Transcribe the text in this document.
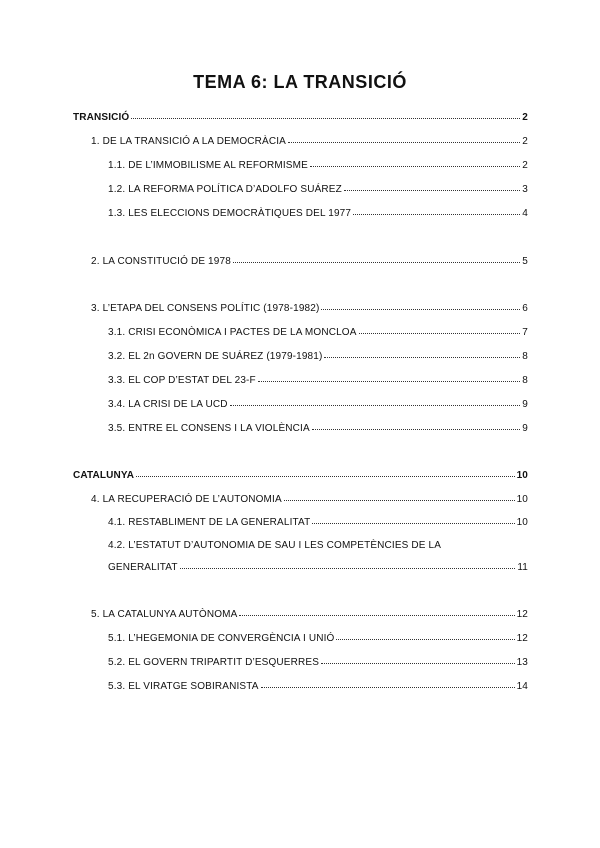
TEMA 6: LA TRANSICIÓ
TRANSICIÓ	2
1. DE LA TRANSICIÓ A LA DEMOCRÀCIA	2
1.1. DE L’IMMOBILISME AL REFORMISME	2
1.2. LA REFORMA POLÍTICA D’ADOLFO SUÁREZ	3
1.3. LES ELECCIONS DEMOCRÀTIQUES DEL 1977	4
2. LA CONSTITUCIÓ DE 1978	5
3. L’ETAPA DEL CONSENS POLÍTIC (1978-1982)	6
3.1. CRISI ECONÒMICA I PACTES DE LA MONCLOA	7
3.2. EL 2n GOVERN DE SUÁREZ (1979-1981)	8
3.3. EL COP D’ESTAT DEL 23-F	8
3.4. LA CRISI DE LA UCD	9
3.5. ENTRE EL CONSENS I LA VIOLÈNCIA	9
CATALUNYA	10
4. LA RECUPERACIÓ DE L’AUTONOMIA	10
4.1. RESTABLIMENT DE LA GENERALITAT	10
4.2. L’ESTATUT D’AUTONOMIA DE SAU I LES COMPETÈNCIES DE LA
GENERALITAT	11
5. LA CATALUNYA AUTÒNOMA	12
5.1. L’HEGEMONIA DE CONVERGÈNCIA I UNIÓ	12
5.2. EL GOVERN TRIPARTIT D’ESQUERRES	13
5.3. EL VIRATGE SOBIRANISTA	14
